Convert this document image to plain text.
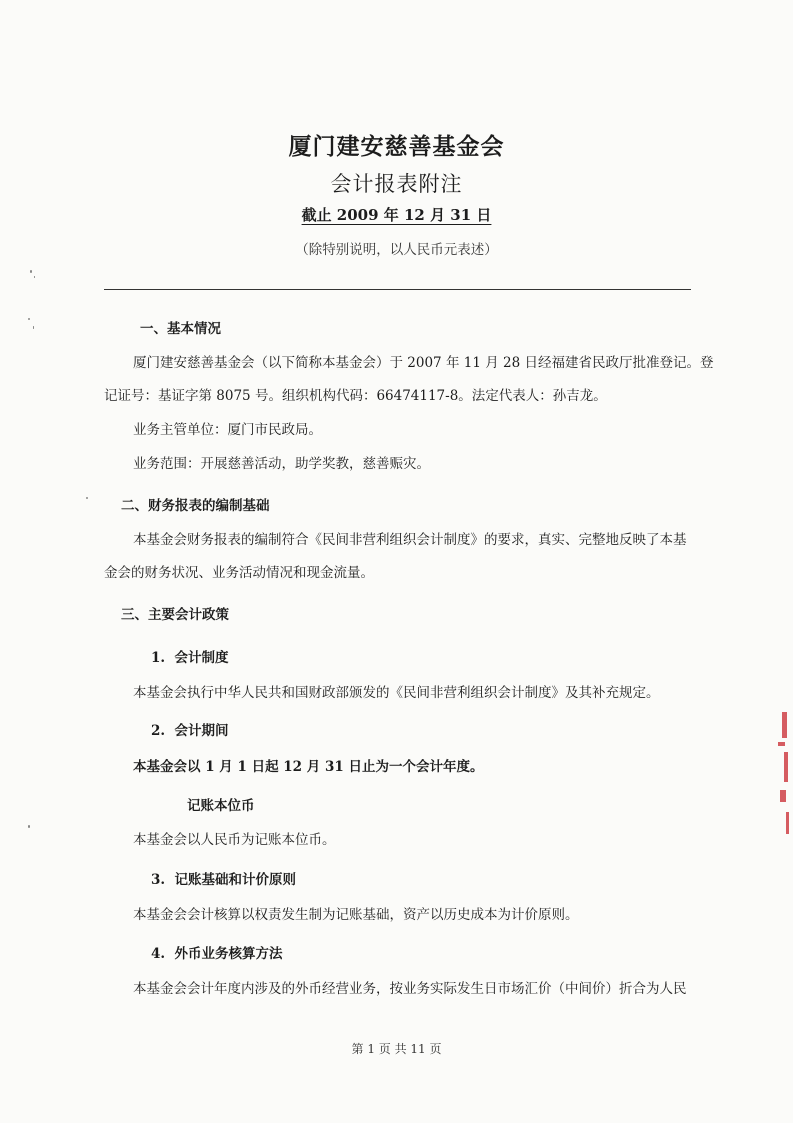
厦门建安慈善基金会
会计报表附注
截止 2009 年 12 月 31 日
（除特别说明，以人民币元表述）
一、基本情况
厦门建安慈善基金会（以下简称本基金会）于 2007 年 11 月 28 日经福建省民政厅批准登记。登
记证号：基证字第 8075 号。组织机构代码：66474117-8。法定代表人：孙吉龙。
业务主管单位：厦门市民政局。
业务范围：开展慈善活动，助学奖教，慈善赈灾。
二、财务报表的编制基础
本基金会财务报表的编制符合《民间非营利组织会计制度》的要求，真实、完整地反映了本基
金会的财务状况、业务活动情况和现金流量。
三、主要会计政策
1. 会计制度
本基金会执行中华人民共和国财政部颁发的《民间非营利组织会计制度》及其补充规定。
2. 会计期间
本基金会以 1 月 1 日起 12 月 31 日止为一个会计年度。
记账本位币
本基金会以人民币为记账本位币。
3. 记账基础和计价原则
本基金会会计核算以权责发生制为记账基础，资产以历史成本为计价原则。
4. 外币业务核算方法
本基金会会计年度内涉及的外币经营业务，按业务实际发生日市场汇价（中间价）折合为人民
第 1 页 共 11 页
